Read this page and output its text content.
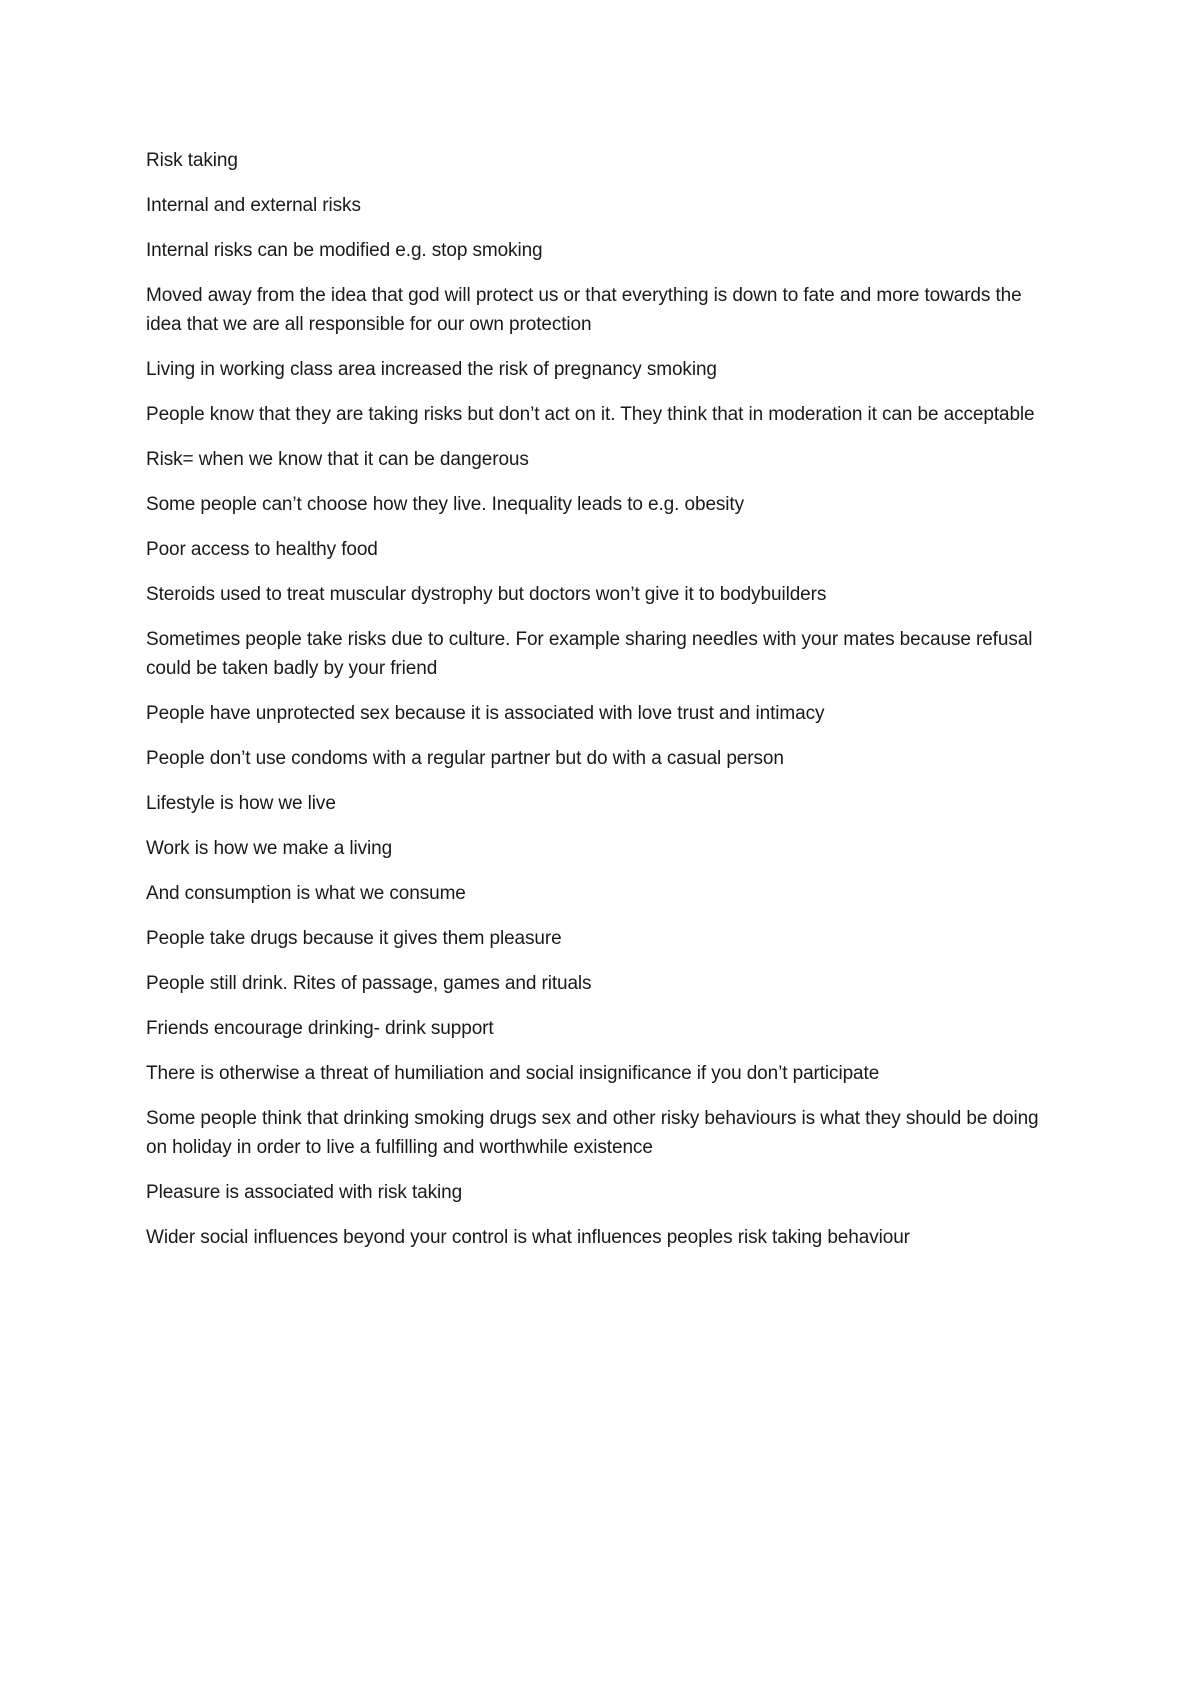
Risk taking

Internal and external risks

Internal risks can be modified e.g. stop smoking

Moved away from the idea that god will protect us or that everything is down to fate and more towards the idea that we are all responsible for our own protection

Living in working class area increased the risk of pregnancy smoking

People know that they are taking risks but don’t act on it. They think that in moderation it can be acceptable

Risk= when we know that it can be dangerous

Some people can’t choose how they live. Inequality leads to e.g. obesity

Poor access to healthy food

Steroids used to treat muscular dystrophy but doctors won’t give it to bodybuilders

Sometimes people take risks due to culture. For example sharing needles with your mates because refusal could be taken badly by your friend

People have unprotected sex because it is associated with love trust and intimacy

People don’t use condoms with a regular partner but do with a casual person

Lifestyle is how we live

Work is how we make a living

And consumption is what we consume

People take drugs because it gives them pleasure

People still drink. Rites of passage, games and rituals

Friends encourage drinking- drink support

There is otherwise a threat of humiliation and social insignificance if you don’t participate

Some people think that drinking smoking drugs sex and other risky behaviours is what they should be doing on holiday in order to live a fulfilling and worthwhile existence

Pleasure is associated with risk taking

Wider social influences beyond your control is what influences peoples risk taking behaviour
